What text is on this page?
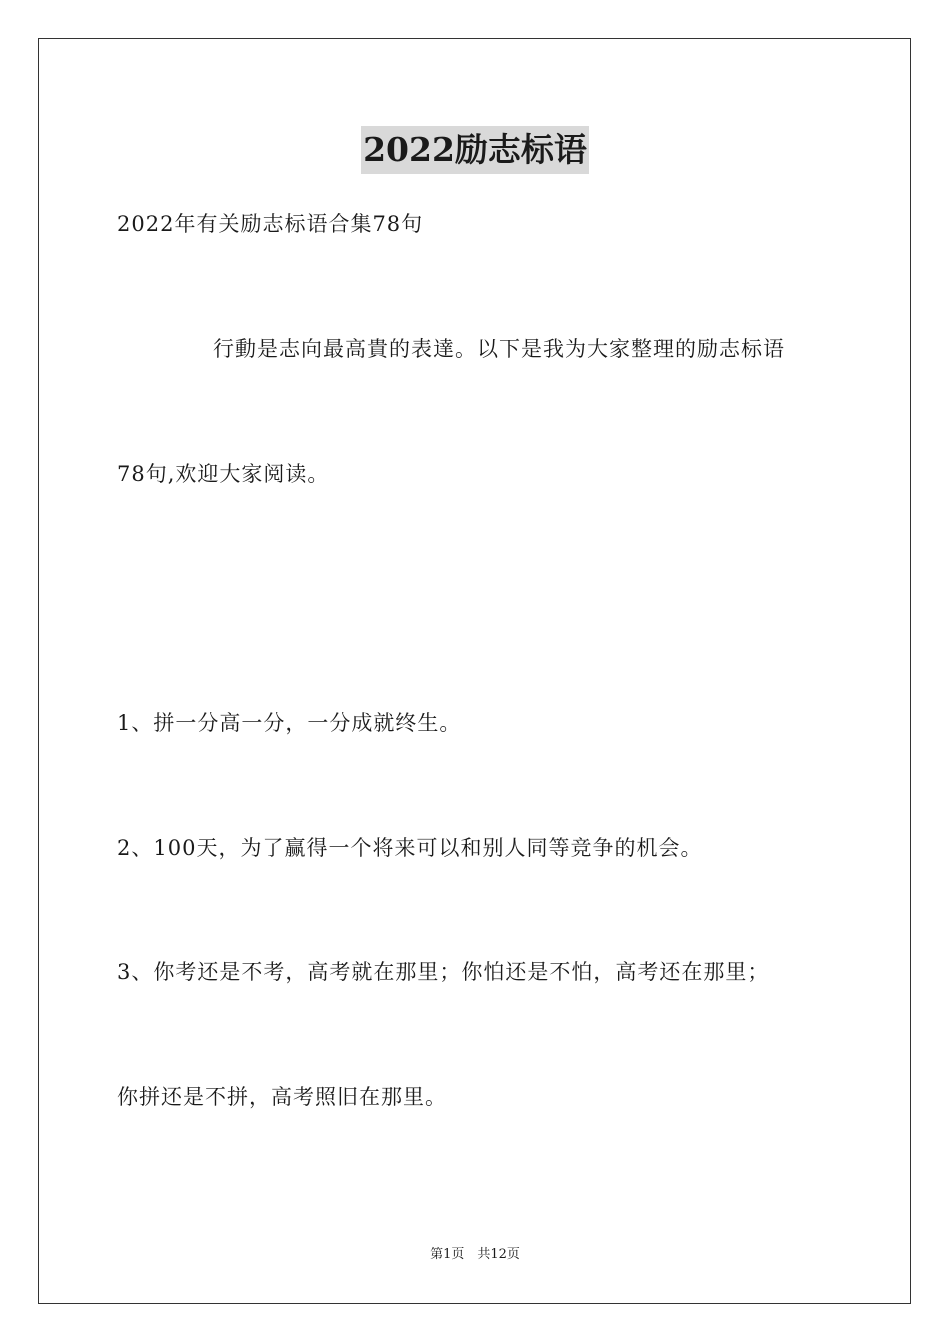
2022励志标语
2022年有关励志标语合集78句
行動是志向最高貴的表達。以下是我为大家整理的励志标语
78句,欢迎大家阅读。
1、拼一分高一分，一分成就终生。
2、100天，为了赢得一个将来可以和别人同等竞争的机会。
3、你考还是不考，高考就在那里；你怕还是不怕，高考还在那里；
你拼还是不拼，高考照旧在那里。
第1页　共12页
